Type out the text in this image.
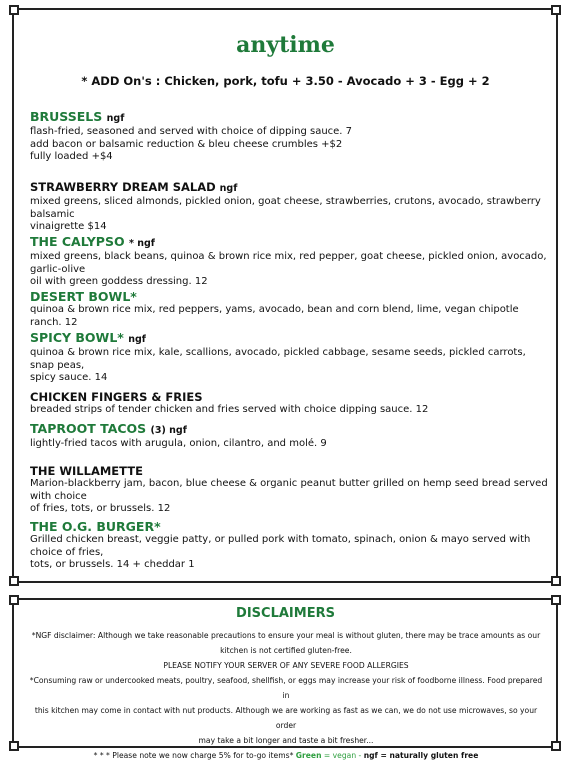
anytime
* ADD On's : Chicken, pork, tofu + 3.50 - Avocado + 3 - Egg + 2
BRUSSELS ngf
flash-fried, seasoned and served with choice of dipping sauce. 7
add bacon or balsamic reduction & bleu cheese crumbles +$2
fully loaded +$4
STRAWBERRY DREAM SALAD ngf
mixed greens, sliced almonds, pickled onion, goat cheese, strawberries, crutons, avocado, strawberry balsamic
vinaigrette $14
THE CALYPSO * ngf
mixed greens, black beans, quinoa & brown rice mix, red pepper, goat cheese, pickled onion, avocado, garlic-olive
oil with green goddess dressing. 12
DESERT BOWL*
quinoa & brown rice mix, red peppers, yams, avocado, bean and corn blend, lime, vegan chipotle ranch. 12
SPICY BOWL* ngf
quinoa & brown rice mix, kale, scallions, avocado, pickled cabbage, sesame seeds, pickled carrots, snap peas,
spicy sauce. 14
CHICKEN FINGERS & FRIES
breaded strips of tender chicken and fries served with choice dipping sauce. 12
TAPROOT TACOS (3) ngf
lightly-fried tacos with arugula, onion, cilantro, and molé. 9
THE WILLAMETTE
Marion-blackberry jam, bacon, blue cheese & organic peanut butter grilled on hemp seed bread served with choice
of fries, tots, or brussels. 12
THE O.G. BURGER*
Grilled chicken breast, veggie patty, or pulled pork with tomato, spinach, onion & mayo served with choice of fries,
tots, or brussels. 14 + cheddar 1
DISCLAIMERS
*NGF disclaimer: Although we take reasonable precautions to ensure your meal is without gluten, there may be trace amounts as our
kitchen is not certified gluten-free.
PLEASE NOTIFY YOUR SERVER OF ANY SEVERE FOOD ALLERGIES
*Consuming raw or undercooked meats, poultry, seafood, shellfish, or eggs may increase your risk of foodborne illness. Food prepared in
this kitchen may come in contact with nut products. Although we are working as fast as we can, we do not use microwaves, so your order
may take a bit longer and taste a bit fresher...
* * * Please note we now charge 5% for to-go items* Green = vegan - ngf = naturally gluten free
